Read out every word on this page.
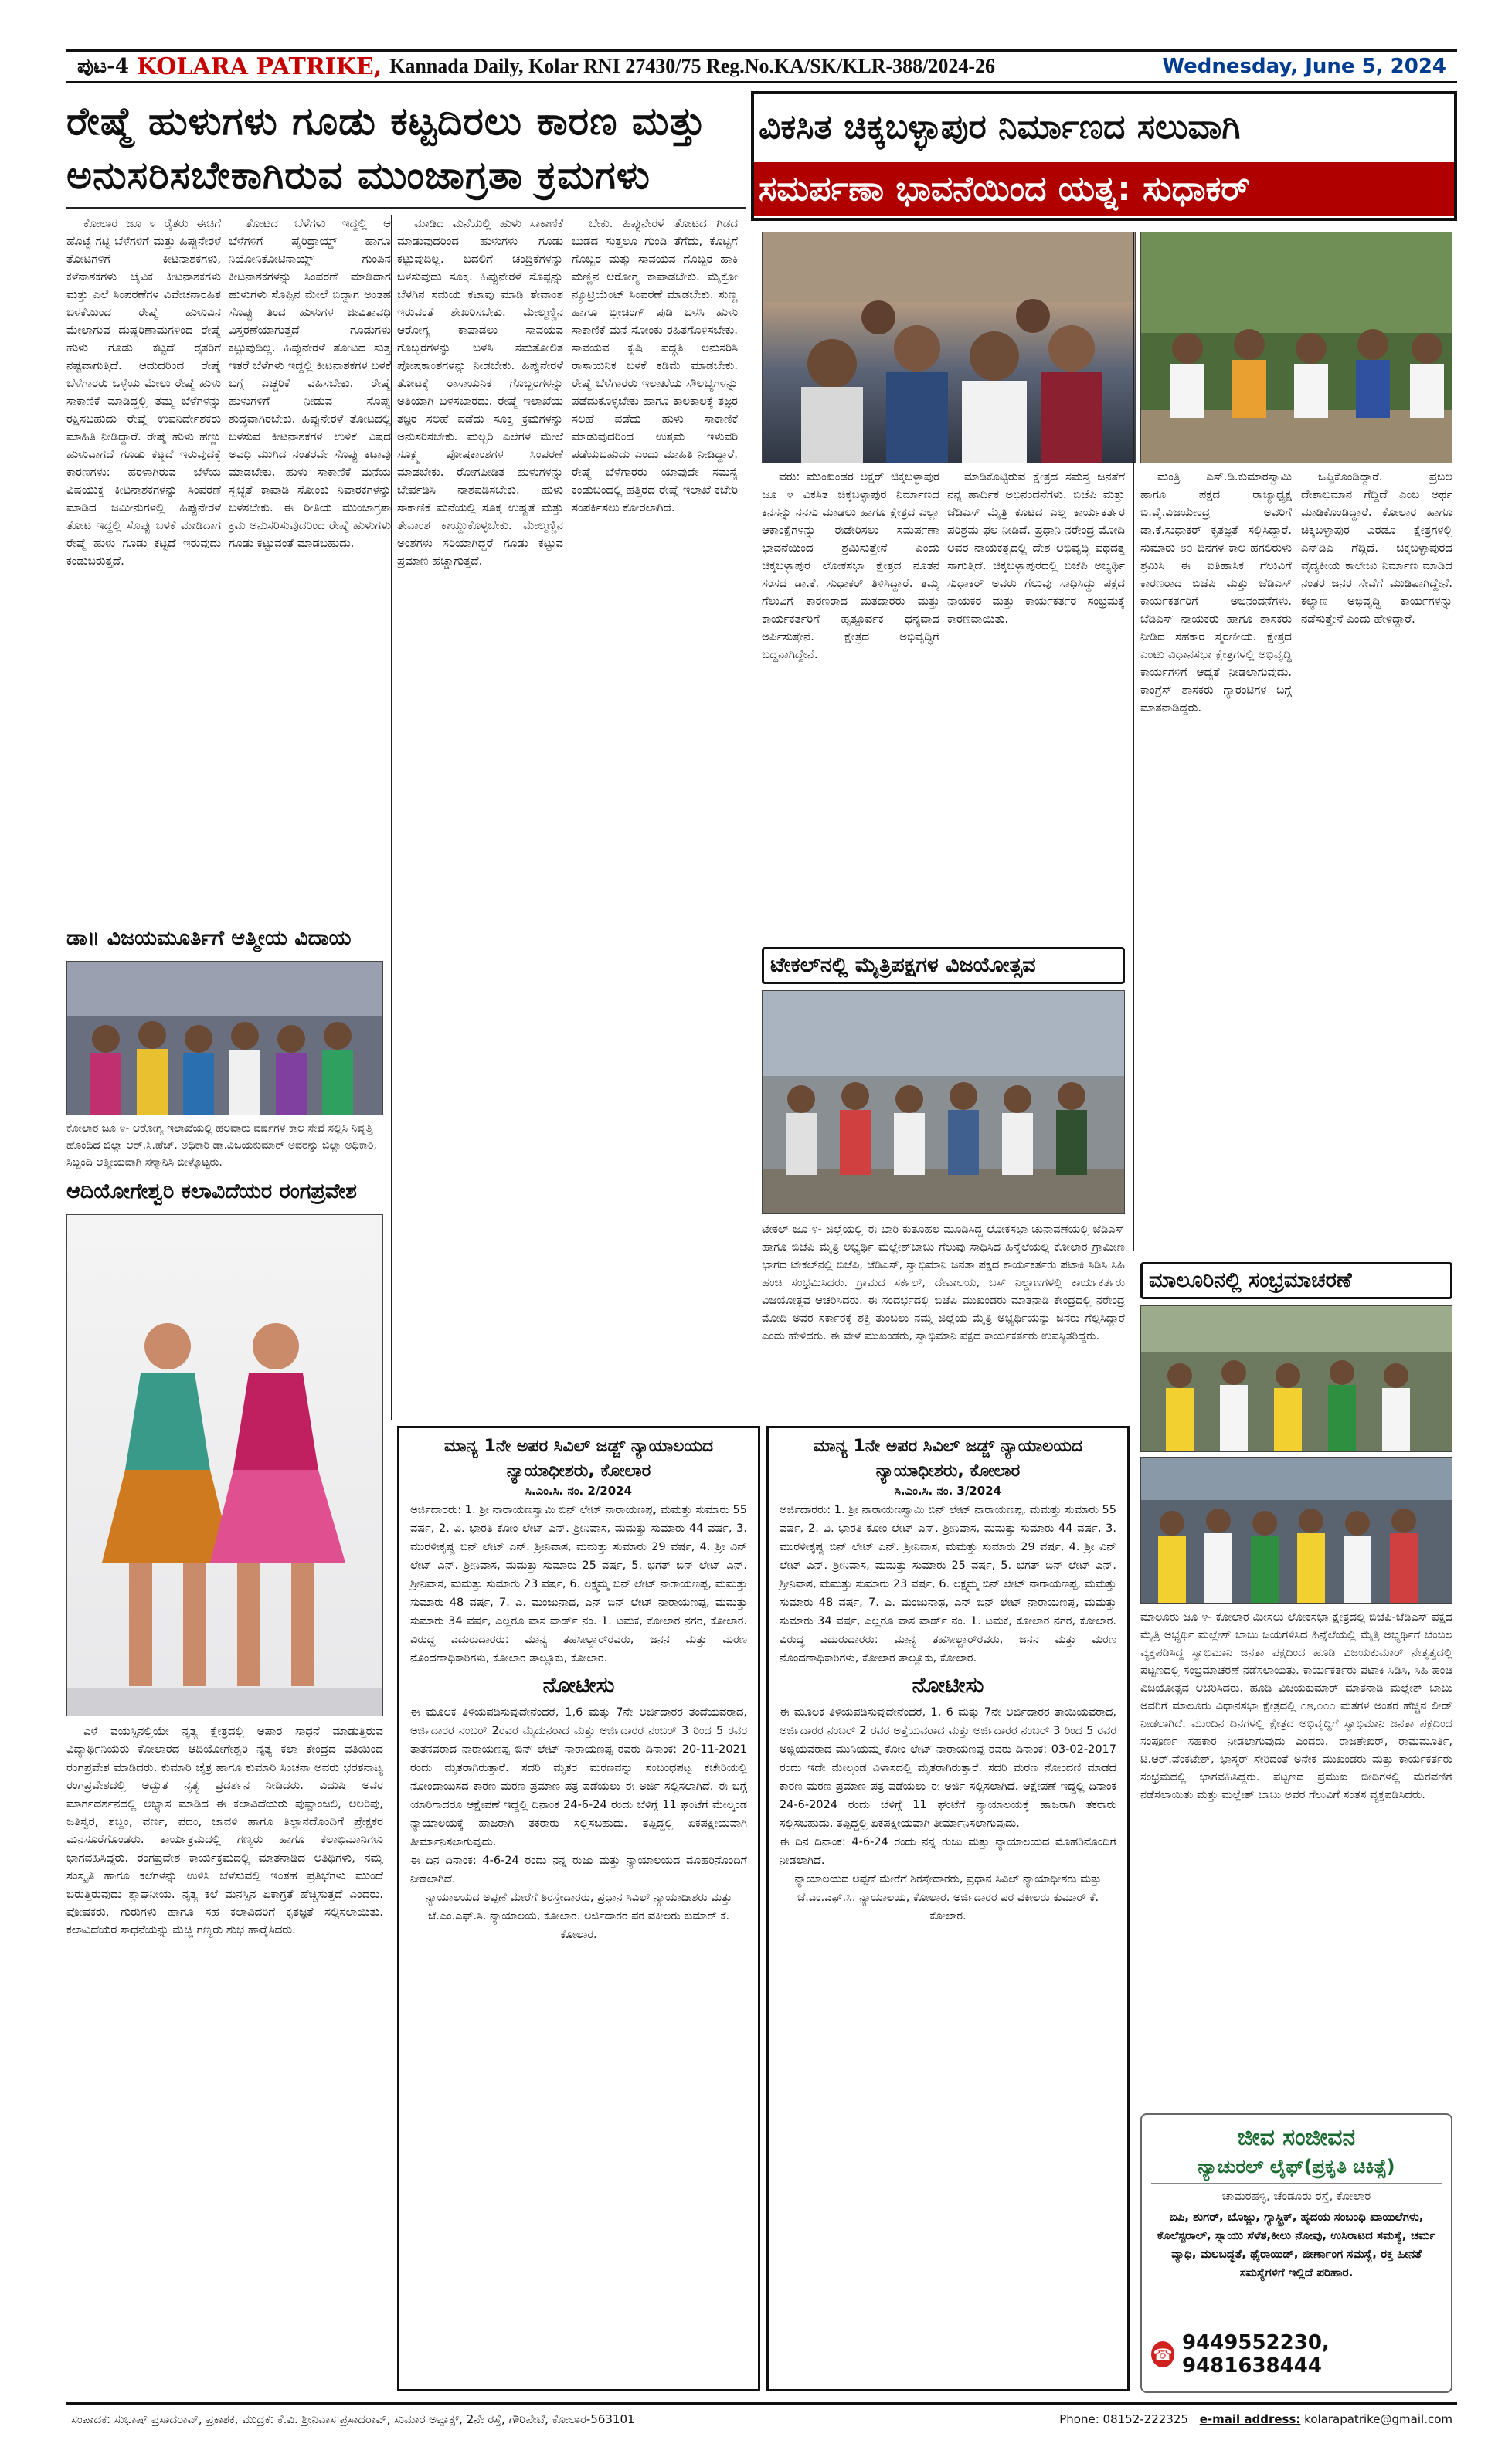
ಪುಟ-4 KOLARA PATRIKE, Kannada Daily, Kolar RNI 27430/75 Reg.No.KA/SK/KLR-388/2024-26	Wednesday, June 5, 2024
ರೇಷ್ಮೆ ಹುಳುಗಳು ಗೂಡು ಕಟ್ಟದಿರಲು ಕಾರಣ ಮತ್ತು ಅನುಸರಿಸಬೇಕಾಗಿರುವ ಮುಂಜಾಗ್ರತಾ ಕ್ರಮಗಳು

ಕೋಲಾರ ಜೂ ೪ ರೈತರು ಈಚಿಗೆ ಹೊಟ್ಟೆ ಗಟ್ಟಿ ಬೆಳೆಗಳಿಗೆ ಮತ್ತು ಹಿಪ್ಪುನೇರಳೆ ತೋಟಗಳಿಗೆ ಕೀಟನಾಶಕಗಳು, ಕಳೆನಾಶಕಗಳು ಜೈವಿಕ ಕೀಟನಾಶಕಗಳು ಮತ್ತು ಎಲೆ ಸಿಂಪರಣೆಗಳ ವಿವೇಚನಾರಹಿತ ಬಳಕೆಯಿಂದ ರೇಷ್ಮೆ ಹುಳುವಿನ ಮೇಲಾಗುವ ದುಷ್ಪರಿಣಾಮಗಳಿಂದ ರೇಷ್ಮೆ ಹುಳು ಗೂಡು ಕಟ್ಟದೆ ರೈತರಿಗೆ ನಷ್ಟವಾಗುತ್ತಿದೆ. ಆದುದರಿಂದ ರೇಷ್ಮೆ ಬೆಳೆಗಾರರು ಒಳ್ಳೆಯ ಮೇಲು ರೇಷ್ಮೆ ಹುಳು ಸಾಕಾಣಿಕೆ ಮಾಡಿದ್ದಲ್ಲಿ ತಮ್ಮ ಬೆಳೆಗಳನ್ನು ರಕ್ಷಿಸಬಹುದು ರೇಷ್ಮೆ ಉಪನಿರ್ದೇಶಕರು ಮಾಹಿತಿ ನೀಡಿದ್ದಾರೆ. ರೇಷ್ಮೆ ಹುಳು ಹಣ್ಣು ಹುಳುವಾಗದೆ ಗೂಡು ಕಟ್ಟದೆ ಇರುವುದಕ್ಕೆ ಕಾರಣಗಳು: ಹರಳಾಗಿರುವ ಬೆಳೆಯ ವಿಷಯುಕ್ತ ಕೀಟನಾಶಕಗಳನ್ನು ಸಿಂಪರಣೆ ಮಾಡಿದ ಜಮೀನುಗಳಲ್ಲಿ ಹಿಪ್ಪುನೇರಳೆ ತೋಟ ಇದ್ದಲ್ಲಿ ಸೊಪ್ಪು ಬಳಕೆ ಮಾಡಿದಾಗ ರೇಷ್ಮೆ ಹುಳು ಗೂಡು ಕಟ್ಟದೆ ಇರುವುದು ಕಂಡುಬರುತ್ತದೆ.

ತೋಟದ ಬೆಳೆಗಳು ಇದ್ದಲ್ಲಿ ಆ ಬೆಳೆಗಳಿಗೆ ಪೈರಿಥ್ರಾಯ್ಡ್ ಹಾಗೂ ನಿಯೋನಿಕೋಟಿನಾಯ್ಡ್ ಗುಂಪಿನ ಕೀಟನಾಶಕಗಳನ್ನು ಸಿಂಪರಣೆ ಮಾಡಿದಾಗ ಹುಳುಗಳು ಸೊಪ್ಪಿನ ಮೇಲೆ ಬಿದ್ದಾಗ ಅಂತಹ ಸೊಪ್ಪು ತಿಂದ ಹುಳುಗಳ ಜೀವಿತಾವಧಿ ವಿಸ್ತರಣೆಯಾಗುತ್ತದೆ ಗೂಡುಗಳು ಕಟ್ಟುವುದಿಲ್ಲ. ಹಿಪ್ಪುನೇರಳೆ ತೋಟದ ಸುತ್ತ ಇತರೆ ಬೆಳೆಗಳು ಇದ್ದಲ್ಲಿ ಕೀಟನಾಶಕಗಳ ಬಳಕೆ ಬಗ್ಗೆ ಎಚ್ಚರಿಕೆ ವಹಿಸಬೇಕು. ರೇಷ್ಮೆ ಹುಳುಗಳಿಗೆ ನೀಡುವ ಸೊಪ್ಪು ಶುದ್ಧವಾಗಿರಬೇಕು. ಹಿಪ್ಪುನೇರಳೆ ತೋಟದಲ್ಲಿ ಬಳಸುವ ಕೀಟನಾಶಕಗಳ ಉಳಿಕೆ ವಿಷದ ಅವಧಿ ಮುಗಿದ ನಂತರವೇ ಸೊಪ್ಪು ಕಟಾವು ಮಾಡಬೇಕು. ಹುಳು ಸಾಕಾಣಿಕೆ ಮನೆಯ ಸ್ವಚ್ಛತೆ ಕಾಪಾಡಿ ಸೋಂಕು ನಿವಾರಕಗಳನ್ನು ಬಳಸಬೇಕು. ಈ ರೀತಿಯ ಮುಂಜಾಗ್ರತಾ ಕ್ರಮ ಅನುಸರಿಸುವುದರಿಂದ ರೇಷ್ಮೆ ಹುಳುಗಳು ಗೂಡು ಕಟ್ಟುವಂತೆ ಮಾಡಬಹುದು.

ಮಾಡಿದ ಮನೆಯಲ್ಲಿ ಹುಳು ಸಾಕಾಣಿಕೆ ಮಾಡುವುದರಿಂದ ಹುಳುಗಳು ಗೂಡು ಕಟ್ಟುವುದಿಲ್ಲ. ಬದಲಿಗೆ ಚಂದ್ರಿಕೆಗಳನ್ನು ಬಳಸುವುದು ಸೂಕ್ತ. ಹಿಪ್ಪುನೇರಳೆ ಸೊಪ್ಪನ್ನು ಬೆಳಗಿನ ಸಮಯ ಕಟಾವು ಮಾಡಿ ತೇವಾಂಶ ಇರುವಂತೆ ಶೇಖರಿಸಬೇಕು. ಮೇಲ್ಮಣ್ಣಿನ ಆರೋಗ್ಯ ಕಾಪಾಡಲು ಸಾವಯವ ಗೊಬ್ಬರಗಳನ್ನು ಬಳಸಿ ಸಮತೋಲಿತ ಪೋಷಕಾಂಶಗಳನ್ನು ನೀಡಬೇಕು. ಹಿಪ್ಪುನೇರಳೆ ತೋಟಕ್ಕೆ ರಾಸಾಯನಿಕ ಗೊಬ್ಬರಗಳನ್ನು ಅತಿಯಾಗಿ ಬಳಸಬಾರದು. ರೇಷ್ಮೆ ಇಲಾಖೆಯ ತಜ್ಞರ ಸಲಹೆ ಪಡೆದು ಸೂಕ್ತ ಕ್ರಮಗಳನ್ನು ಅನುಸರಿಸಬೇಕು. ಮಲ್ಬರಿ ಎಲೆಗಳ ಮೇಲೆ ಸೂಕ್ಷ್ಮ ಪೋಷಕಾಂಶಗಳ ಸಿಂಪರಣೆ ಮಾಡಬೇಕು. ರೋಗಪೀಡಿತ ಹುಳುಗಳನ್ನು ಬೇರ್ಪಡಿಸಿ ನಾಶಪಡಿಸಬೇಕು. ಹುಳು ಸಾಕಾಣಿಕೆ ಮನೆಯಲ್ಲಿ ಸೂಕ್ತ ಉಷ್ಣತೆ ಮತ್ತು ತೇವಾಂಶ ಕಾಯ್ದುಕೊಳ್ಳಬೇಕು. ಮೇಲ್ಮಣ್ಣಿನ ಅಂಶಗಳು ಸರಿಯಾಗಿದ್ದರೆ ಗೂಡು ಕಟ್ಟುವ ಪ್ರಮಾಣ ಹೆಚ್ಚಾಗುತ್ತದೆ.

ಬೇಕು. ಹಿಪ್ಪುನೇರಳೆ ತೋಟದ ಗಿಡದ ಬುಡದ ಸುತ್ತಲೂ ಗುಂಡಿ ತೆಗೆದು, ಕೊಟ್ಟಿಗೆ ಗೊಬ್ಬರ ಮತ್ತು ಸಾವಯವ ಗೊಬ್ಬರ ಹಾಕಿ ಮಣ್ಣಿನ ಆರೋಗ್ಯ ಕಾಪಾಡಬೇಕು. ಮೈಕ್ರೋ ನ್ಯೂಟ್ರಿಯೆಂಟ್ ಸಿಂಪರಣೆ ಮಾಡಬೇಕು. ಸುಣ್ಣ ಹಾಗೂ ಬ್ಲೀಚಿಂಗ್ ಪುಡಿ ಬಳಸಿ ಹುಳು ಸಾಕಾಣಿಕೆ ಮನೆ ಸೋಂಕು ರಹಿತಗೊಳಿಸಬೇಕು. ಸಾವಯವ ಕೃಷಿ ಪದ್ಧತಿ ಅನುಸರಿಸಿ ರಾಸಾಯನಿಕ ಬಳಕೆ ಕಡಿಮೆ ಮಾಡಬೇಕು. ರೇಷ್ಮೆ ಬೆಳೆಗಾರರು ಇಲಾಖೆಯ ಸೌಲಭ್ಯಗಳನ್ನು ಪಡೆದುಕೊಳ್ಳಬೇಕು ಹಾಗೂ ಕಾಲಕಾಲಕ್ಕೆ ತಜ್ಞರ ಸಲಹೆ ಪಡೆದು ಹುಳು ಸಾಕಾಣಿಕೆ ಮಾಡುವುದರಿಂದ ಉತ್ತಮ ಇಳುವರಿ ಪಡೆಯಬಹುದು ಎಂದು ಮಾಹಿತಿ ನೀಡಿದ್ದಾರೆ. ರೇಷ್ಮೆ ಬೆಳೆಗಾರರು ಯಾವುದೇ ಸಮಸ್ಯೆ ಕಂಡುಬಂದಲ್ಲಿ ಹತ್ತಿರದ ರೇಷ್ಮೆ ಇಲಾಖೆ ಕಚೇರಿ ಸಂಪರ್ಕಿಸಲು ಕೋರಲಾಗಿದೆ.

ವಿಕಸಿತ ಚಿಕ್ಕಬಳ್ಳಾಪುರ ನಿರ್ಮಾಣದ ಸಲುವಾಗಿ
ಸಮರ್ಪಣಾ ಭಾವನೆಯಿಂದ ಯತ್ನ: ಸುಧಾಕರ್

ವರು: ಮುಂಖಂಡರ ಅಕ್ಷರ್ ಚಿಕ್ಕಬಳ್ಳಾಪುರ ಜೂ ೪ ವಿಕಸಿತ ಚಿಕ್ಕಬಳ್ಳಾಪುರ ನಿರ್ಮಾಣದ ಕನಸನ್ನು ನನಸು ಮಾಡಲು ಹಾಗೂ ಕ್ಷೇತ್ರದ ಎಲ್ಲಾ ಆಕಾಂಕ್ಷೆಗಳನ್ನು ಈಡೇರಿಸಲು ಸಮರ್ಪಣಾ ಭಾವನೆಯಿಂದ ಶ್ರಮಿಸುತ್ತೇನೆ ಎಂದು ಚಿಕ್ಕಬಳ್ಳಾಪುರ ಲೋಕಸಭಾ ಕ್ಷೇತ್ರದ ನೂತನ ಸಂಸದ ಡಾ.ಕೆ. ಸುಧಾಕರ್ ತಿಳಿಸಿದ್ದಾರೆ. ತಮ್ಮ ಗೆಲುವಿಗೆ ಕಾರಣರಾದ ಮತದಾರರು ಮತ್ತು ಕಾರ್ಯಕರ್ತರಿಗೆ ಹೃತ್ಪೂರ್ವಕ ಧನ್ಯವಾದ ಅರ್ಪಿಸುತ್ತೇನೆ. ಕ್ಷೇತ್ರದ ಅಭಿವೃದ್ಧಿಗೆ ಬದ್ಧನಾಗಿದ್ದೇನೆ.

ಮಾಡಿಕೊಟ್ಟಿರುವ ಕ್ಷೇತ್ರದ ಸಮಸ್ತ ಜನತೆಗೆ ನನ್ನ ಹಾರ್ದಿಕ ಅಭಿನಂದನೆಗಳು. ಬಿಜೆಪಿ ಮತ್ತು ಜೆಡಿಎಸ್ ಮೈತ್ರಿ ಕೂಟದ ಎಲ್ಲ ಕಾರ್ಯಕರ್ತರ ಪರಿಶ್ರಮ ಫಲ ನೀಡಿದೆ. ಪ್ರಧಾನಿ ನರೇಂದ್ರ ಮೋದಿ ಅವರ ನಾಯಕತ್ವದಲ್ಲಿ ದೇಶ ಅಭಿವೃದ್ಧಿ ಪಥದತ್ತ ಸಾಗುತ್ತಿದೆ. ಚಿಕ್ಕಬಳ್ಳಾಪುರದಲ್ಲಿ ಬಿಜೆಪಿ ಅಭ್ಯರ್ಥಿ ಸುಧಾಕರ್ ಅವರು ಗೆಲುವು ಸಾಧಿಸಿದ್ದು ಪಕ್ಷದ ನಾಯಕರ ಮತ್ತು ಕಾರ್ಯಕರ್ತರ ಸಂಭ್ರಮಕ್ಕೆ ಕಾರಣವಾಯಿತು.

ಮಂತ್ರಿ ಎಸ್.ಡಿ.ಕುಮಾರಸ್ವಾಮಿ ಹಾಗೂ ಪಕ್ಷದ ರಾಜ್ಯಾಧ್ಯಕ್ಷ ಬಿ.ವೈ.ವಿಜಯೇಂದ್ರ ಅವರಿಗೆ ಡಾ.ಕೆ.ಸುಧಾಕರ್ ಕೃತಜ್ಞತೆ ಸಲ್ಲಿಸಿದ್ದಾರೆ. ಸುಮಾರು ೮೦ ದಿನಗಳ ಕಾಲ ಹಗಲಿರುಳು ಶ್ರಮಿಸಿ ಈ ಐತಿಹಾಸಿಕ ಗೆಲುವಿಗೆ ಕಾರಣರಾದ ಬಿಜೆಪಿ ಮತ್ತು ಜೆಡಿಎಸ್ ಕಾರ್ಯಕರ್ತರಿಗೆ ಅಭಿನಂದನೆಗಳು. ಜೆಡಿಎಸ್ ನಾಯಕರು ಹಾಗೂ ಶಾಸಕರು ನೀಡಿದ ಸಹಕಾರ ಸ್ಮರಣೀಯ. ಕ್ಷೇತ್ರದ ಎಂಟು ವಿಧಾನಸಭಾ ಕ್ಷೇತ್ರಗಳಲ್ಲಿ ಅಭಿವೃದ್ಧಿ ಕಾರ್ಯಗಳಿಗೆ ಆದ್ಯತೆ ನೀಡಲಾಗುವುದು. ಕಾಂಗ್ರೆಸ್ ಶಾಸಕರು ಗ್ಯಾರಂಟಿಗಳ ಬಗ್ಗೆ ಮಾತನಾಡಿದ್ದರು.

ಒಪ್ಪಿಕೊಂಡಿದ್ದಾರೆ. ಪ್ರಬಲ ದೇಶಾಭಿಮಾನ ಗೆದ್ದಿದೆ ಎಂಬ ಅರ್ಥ ಮಾಡಿಕೊಂಡಿದ್ದಾರೆ. ಕೋಲಾರ ಹಾಗೂ ಚಿಕ್ಕಬಳ್ಳಾಪುರ ಎರಡೂ ಕ್ಷೇತ್ರಗಳಲ್ಲಿ ಎನ್‌ಡಿಎ ಗೆದ್ದಿದೆ. ಚಿಕ್ಕಬಳ್ಳಾಪುರದ ವೈದ್ಯಕೀಯ ಕಾಲೇಜು ನಿರ್ಮಾಣ ಮಾಡಿದ ನಂತರ ಜನರ ಸೇವೆಗೆ ಮುಡಿಪಾಗಿದ್ದೇನೆ. ಕಲ್ಯಾಣ ಅಭಿವೃದ್ಧಿ ಕಾರ್ಯಗಳನ್ನು ನಡೆಸುತ್ತೇನೆ ಎಂದು ಹೇಳಿದ್ದಾರೆ.

ಡಾ॥ ವಿಜಯಮೂರ್ತಿಗೆ ಆತ್ಮೀಯ ವಿದಾಯ
ಕೋಲಾರ ಜೂ ೪- ಆರೋಗ್ಯ ಇಲಾಖೆಯಲ್ಲಿ ಹಲವಾರು ವರ್ಷಗಳ ಕಾಲ ಸೇವೆ ಸಲ್ಲಿಸಿ ನಿವೃತ್ತಿ ಹೊಂದಿದ ಜಿಲ್ಲಾ ಆರ್.ಸಿ.ಹೆಚ್. ಅಧಿಕಾರಿ ಡಾ.ವಿಜಯಕುಮಾರ್ ಅವರನ್ನು ಜಿಲ್ಲಾ ಅಧಿಕಾರಿ, ಸಿಬ್ಬಂದಿ ಆತ್ಮೀಯವಾಗಿ ಸನ್ಮಾನಿಸಿ ಬೀಳ್ಕೊಟ್ಟರು.
ಆದಿಯೋಗೇಶ್ವರಿ ಕಲಾವಿದೆಯರ ರಂಗಪ್ರವೇಶ

ಎಳೆ ವಯಸ್ಸಿನಲ್ಲಿಯೇ ನೃತ್ಯ ಕ್ಷೇತ್ರದಲ್ಲಿ ಅಪಾರ ಸಾಧನೆ ಮಾಡುತ್ತಿರುವ ವಿದ್ಯಾರ್ಥಿನಿಯರು ಕೋಲಾರದ ಆದಿಯೋಗೇಶ್ವರಿ ನೃತ್ಯ ಕಲಾ ಕೇಂದ್ರದ ವತಿಯಿಂದ ರಂಗಪ್ರವೇಶ ಮಾಡಿದರು. ಕುಮಾರಿ ಚೈತ್ರ ಹಾಗೂ ಕುಮಾರಿ ಸಿಂಚನಾ ಅವರು ಭರತನಾಟ್ಯ ರಂಗಪ್ರವೇಶದಲ್ಲಿ ಅದ್ಭುತ ನೃತ್ಯ ಪ್ರದರ್ಶನ ನೀಡಿದರು. ವಿದುಷಿ ಅವರ ಮಾರ್ಗದರ್ಶನದಲ್ಲಿ ಅಭ್ಯಾಸ ಮಾಡಿದ ಈ ಕಲಾವಿದೆಯರು ಪುಷ್ಪಾಂಜಲಿ, ಅಲರಿಪು, ಜತಿಸ್ವರ, ಶಬ್ದಂ, ವರ್ಣ, ಪದಂ, ಜಾವಳಿ ಹಾಗೂ ತಿಲ್ಲಾನದೊಂದಿಗೆ ಪ್ರೇಕ್ಷಕರ ಮನಸೂರೆಗೊಂಡರು. ಕಾರ್ಯಕ್ರಮದಲ್ಲಿ ಗಣ್ಯರು ಹಾಗೂ ಕಲಾಭಿಮಾನಿಗಳು ಭಾಗವಹಿಸಿದ್ದರು. ರಂಗಪ್ರವೇಶ ಕಾರ್ಯಕ್ರಮದಲ್ಲಿ ಮಾತನಾಡಿದ ಅತಿಥಿಗಳು, ನಮ್ಮ ಸಂಸ್ಕೃತಿ ಹಾಗೂ ಕಲೆಗಳನ್ನು ಉಳಿಸಿ ಬೆಳೆಸುವಲ್ಲಿ ಇಂತಹ ಪ್ರತಿಭೆಗಳು ಮುಂದೆ ಬರುತ್ತಿರುವುದು ಶ್ಲಾಘನೀಯ. ನೃತ್ಯ ಕಲೆ ಮನಸ್ಸಿನ ಏಕಾಗ್ರತೆ ಹೆಚ್ಚಿಸುತ್ತದೆ ಎಂದರು. ಪೋಷಕರು, ಗುರುಗಳು ಹಾಗೂ ಸಹ ಕಲಾವಿದರಿಗೆ ಕೃತಜ್ಞತೆ ಸಲ್ಲಿಸಲಾಯಿತು. ಕಲಾವಿದೆಯರ ಸಾಧನೆಯನ್ನು ಮೆಚ್ಚಿ ಗಣ್ಯರು ಶುಭ ಹಾರೈಸಿದರು.

ಮಾನ್ಯ 1ನೇ ಅಪರ ಸಿವಿಲ್ ಜಡ್ಜ್ ನ್ಯಾಯಾಲಯದ ನ್ಯಾಯಾಧೀಶರು, ಕೋಲಾರ
ಸಿ.ಎಂ.ಸಿ. ನಂ. 2/2024
ಅರ್ಜಿದಾರರು: 1. ಶ್ರೀ ನಾರಾಯಣಸ್ವಾಮಿ ಬಿನ್ ಲೇಟ್ ನಾರಾಯಣಪ್ಪ, ಮಮತ್ತು ಸುಮಾರು 55 ವರ್ಷ, 2. ವಿ. ಭಾರತಿ ಕೋಂ ಲೇಟ್ ಎನ್. ಶ್ರೀನಿವಾಸ, ಮಮತ್ತು ಸುಮಾರು 44 ವರ್ಷ, 3. ಮುರಳೀಕೃಷ್ಣ ಬಿನ್ ಲೇಟ್ ಎನ್. ಶ್ರೀನಿವಾಸ, ಮಮತ್ತು ಸುಮಾರು 29 ವರ್ಷ, 4. ಶ್ರೀ ವಿನ್ ಲೇಟ್ ಎನ್. ಶ್ರೀನಿವಾಸ, ಮಮತ್ತು ಸುಮಾರು 25 ವರ್ಷ, 5. ಭಗತ್ ಬಿನ್ ಲೇಟ್ ಎನ್. ಶ್ರೀನಿವಾಸ, ಮಮತ್ತು ಸುಮಾರು 23 ವರ್ಷ, 6. ಲಕ್ಷ್ಮಮ್ಮ ಬಿನ್ ಲೇಟ್ ನಾರಾಯಣಪ್ಪ, ಮಮತ್ತು ಸುಮಾರು 48 ವರ್ಷ, 7. ಎ. ಮಂಜುನಾಥ, ಎನ್ ಬಿನ್ ಲೇಟ್ ನಾರಾಯಣಪ್ಪ, ಮಮತ್ತು ಸುಮಾರು 34 ವರ್ಷ, ಎಲ್ಲರೂ ವಾಸ ವಾರ್ಡ್ ನಂ. 1. ಟಮಕ, ಕೋಲಾರ ನಗರ, ಕೋಲಾರ. ವಿರುದ್ಧ ಎದುರುದಾರರು: ಮಾನ್ಯ ತಹಸೀಲ್ದಾರ್‌ರವರು, ಜನನ ಮತ್ತು ಮರಣ ನೊಂದಣಾಧಿಕಾರಿಗಳು, ಕೋಲಾರ ತಾಲ್ಲೂಕು, ಕೋಲಾರ.
ನೋಟೀಸು
ಈ ಮೂಲಕ ತಿಳಿಯಪಡಿಸುವುದೇನೆಂದರೆ, 1,6 ಮತ್ತು 7ನೇ ಅರ್ಜಿದಾರರ ತಂದೆಯವರಾದ, ಅರ್ಜಿದಾರರ ನಂಬರ್ 2ರವರ ಮೈದುನರಾದ ಮತ್ತು ಅರ್ಜಿದಾರರ ನಂಬರ್ 3 ರಿಂದ 5 ರವರ ತಾತನವರಾದ ನಾರಾಯಣಪ್ಪ ಬಿನ್ ಲೇಟ್ ನಾರಾಯಣಪ್ಪ ರವರು ದಿನಾಂಕ: 20-11-2021 ರಂದು ಮೃತರಾಗಿರುತ್ತಾರೆ. ಸದರಿ ಮೃತರ ಮರಣವನ್ನು ಸಂಬಂಧಪಟ್ಟ ಕಚೇರಿಯಲ್ಲಿ ನೋಂದಾಯಿಸದ ಕಾರಣ ಮರಣ ಪ್ರಮಾಣ ಪತ್ರ ಪಡೆಯಲು ಈ ಅರ್ಜಿ ಸಲ್ಲಿಸಲಾಗಿದೆ. ಈ ಬಗ್ಗೆ ಯಾರಿಗಾದರೂ ಆಕ್ಷೇಪಣೆ ಇದ್ದಲ್ಲಿ ದಿನಾಂಕ 24-6-24 ರಂದು ಬೆಳಿಗ್ಗೆ 11 ಘಂಟೆಗೆ ಮೇಲ್ಕಂಡ ನ್ಯಾಯಾಲಯಕ್ಕೆ ಹಾಜರಾಗಿ ತಕರಾರು ಸಲ್ಲಿಸಬಹುದು. ತಪ್ಪಿದ್ದಲ್ಲಿ ಏಕಪಕ್ಷೀಯವಾಗಿ ತೀರ್ಮಾನಿಸಲಾಗುವುದು.
ಈ ದಿನ ದಿನಾಂಕ: 4-6-24 ರಂದು ನನ್ನ ರುಜು ಮತ್ತು ನ್ಯಾಯಾಲಯದ ಮೊಹರಿನೊಂದಿಗೆ ನೀಡಲಾಗಿದೆ.
ನ್ಯಾಯಾಲಯದ ಅಪ್ಪಣೆ ಮೇರೆಗೆ ಶಿರಸ್ತೇದಾರರು, ಪ್ರಧಾನ ಸಿವಿಲ್ ನ್ಯಾಯಾಧೀಶರು ಮತ್ತು ಜೆ.ಎಂ.ಎಫ್.ಸಿ. ನ್ಯಾಯಾಲಯ, ಕೋಲಾರ. ಅರ್ಜಿದಾರರ ಪರ ವಕೀಲರು ಕುಮಾರ್ ಕೆ. ಕೋಲಾರ.
ಮಾನ್ಯ 1ನೇ ಅಪರ ಸಿವಿಲ್ ಜಡ್ಜ್ ನ್ಯಾಯಾಲಯದ ನ್ಯಾಯಾಧೀಶರು, ಕೋಲಾರ
ಸಿ.ಎಂ.ಸಿ. ನಂ. 3/2024
ಅರ್ಜಿದಾರರು: 1. ಶ್ರೀ ನಾರಾಯಣಸ್ವಾಮಿ ಬಿನ್ ಲೇಟ್ ನಾರಾಯಣಪ್ಪ, ಮಮತ್ತು ಸುಮಾರು 55 ವರ್ಷ, 2. ವಿ. ಭಾರತಿ ಕೋಂ ಲೇಟ್ ಎನ್. ಶ್ರೀನಿವಾಸ, ಮಮತ್ತು ಸುಮಾರು 44 ವರ್ಷ, 3. ಮುರಳೀಕೃಷ್ಣ ಬಿನ್ ಲೇಟ್ ಎನ್. ಶ್ರೀನಿವಾಸ, ಮಮತ್ತು ಸುಮಾರು 29 ವರ್ಷ, 4. ಶ್ರೀ ವಿನ್ ಲೇಟ್ ಎನ್. ಶ್ರೀನಿವಾಸ, ಮಮತ್ತು ಸುಮಾರು 25 ವರ್ಷ, 5. ಭಗತ್ ಬಿನ್ ಲೇಟ್ ಎನ್. ಶ್ರೀನಿವಾಸ, ಮಮತ್ತು ಸುಮಾರು 23 ವರ್ಷ, 6. ಲಕ್ಷ್ಮಮ್ಮ ಬಿನ್ ಲೇಟ್ ನಾರಾಯಣಪ್ಪ, ಮಮತ್ತು ಸುಮಾರು 48 ವರ್ಷ, 7. ಎ. ಮಂಜುನಾಥ, ಎನ್ ಬಿನ್ ಲೇಟ್ ನಾರಾಯಣಪ್ಪ, ಮಮತ್ತು ಸುಮಾರು 34 ವರ್ಷ, ಎಲ್ಲರೂ ವಾಸ ವಾರ್ಡ್ ನಂ. 1. ಟಮಕ, ಕೋಲಾರ ನಗರ, ಕೋಲಾರ. ವಿರುದ್ಧ ಎದುರುದಾರರು: ಮಾನ್ಯ ತಹಸೀಲ್ದಾರ್‌ರವರು, ಜನನ ಮತ್ತು ಮರಣ ನೊಂದಣಾಧಿಕಾರಿಗಳು, ಕೋಲಾರ ತಾಲ್ಲೂಕು, ಕೋಲಾರ.
ನೋಟೀಸು
ಈ ಮೂಲಕ ತಿಳಿಯಪಡಿಸುವುದೇನೆಂದರೆ, 1, 6 ಮತ್ತು 7ನೇ ಅರ್ಜಿದಾರರ ತಾಯಿಯವರಾದ, ಅರ್ಜಿದಾರರ ನಂಬರ್ 2 ರವರ ಅತ್ತೆಯವರಾದ ಮತ್ತು ಅರ್ಜಿದಾರರ ನಂಬರ್ 3 ರಿಂದ 5 ರವರ ಅಜ್ಜಿಯವರಾದ ಮುನಿಯಮ್ಮ ಕೋಂ ಲೇಟ್ ನಾರಾಯಣಪ್ಪ ರವರು ದಿನಾಂಕ: 03-02-2017 ರಂದು ಇದೇ ಮೇಲ್ಕಂಡ ವಿಳಾಸದಲ್ಲಿ ಮೃತರಾಗಿರುತ್ತಾರೆ. ಸದರಿ ಮರಣ ನೋಂದಣಿ ಮಾಡದ ಕಾರಣ ಮರಣ ಪ್ರಮಾಣ ಪತ್ರ ಪಡೆಯಲು ಈ ಅರ್ಜಿ ಸಲ್ಲಿಸಲಾಗಿದೆ. ಆಕ್ಷೇಪಣೆ ಇದ್ದಲ್ಲಿ ದಿನಾಂಕ 24-6-2024 ರಂದು ಬೆಳಿಗ್ಗೆ 11 ಘಂಟೆಗೆ ನ್ಯಾಯಾಲಯಕ್ಕೆ ಹಾಜರಾಗಿ ತಕರಾರು ಸಲ್ಲಿಸಬಹುದು. ತಪ್ಪಿದ್ದಲ್ಲಿ ಏಕಪಕ್ಷೀಯವಾಗಿ ತೀರ್ಮಾನಿಸಲಾಗುವುದು.
ಈ ದಿನ ದಿನಾಂಕ: 4-6-24 ರಂದು ನನ್ನ ರುಜು ಮತ್ತು ನ್ಯಾಯಾಲಯದ ಮೊಹರಿನೊಂದಿಗೆ ನೀಡಲಾಗಿದೆ.
ನ್ಯಾಯಾಲಯದ ಅಪ್ಪಣೆ ಮೇರೆಗೆ ಶಿರಸ್ತೇದಾರರು, ಪ್ರಧಾನ ಸಿವಿಲ್ ನ್ಯಾಯಾಧೀಶರು ಮತ್ತು ಜೆ.ಎಂ.ಎಫ್.ಸಿ. ನ್ಯಾಯಾಲಯ, ಕೋಲಾರ. ಅರ್ಜಿದಾರರ ಪರ ವಕೀಲರು ಕುಮಾರ್ ಕೆ. ಕೋಲಾರ.
ಟೇಕಲ್‌ನಲ್ಲಿ ಮೈತ್ರಿಪಕ್ಷಗಳ ವಿಜಯೋತ್ಸವ
ಟೇಕಲ್ ಜೂ ೪- ಜಿಲ್ಲೆಯಲ್ಲಿ ಈ ಬಾರಿ ಕುತೂಹಲ ಮೂಡಿಸಿದ್ದ ಲೋಕಸಭಾ ಚುನಾವಣೆಯಲ್ಲಿ ಜೆಡಿಎಸ್ ಹಾಗೂ ಬಿಜೆಪಿ ಮೈತ್ರಿ ಅಭ್ಯರ್ಥಿ ಮಲ್ಲೇಶ್‌ಬಾಬು ಗೆಲುವು ಸಾಧಿಸಿದ ಹಿನ್ನೆಲೆಯಲ್ಲಿ ಕೋಲಾರ ಗ್ರಾಮೀಣ ಭಾಗದ ಟೇಕಲ್‌ನಲ್ಲಿ ಬಿಜೆಪಿ, ಜೆಡಿಎಸ್, ಸ್ವಾಭಿಮಾನಿ ಜನತಾ ಪಕ್ಷದ ಕಾರ್ಯಕರ್ತರು ಪಟಾಕಿ ಸಿಡಿಸಿ ಸಿಹಿ ಹಂಚಿ ಸಂಭ್ರಮಿಸಿದರು. ಗ್ರಾಮದ ಸರ್ಕಲ್, ದೇವಾಲಯ, ಬಸ್ ನಿಲ್ದಾಣಗಳಲ್ಲಿ ಕಾರ್ಯಕರ್ತರು ವಿಜಯೋತ್ಸವ ಆಚರಿಸಿದರು. ಈ ಸಂದರ್ಭದಲ್ಲಿ ಬಿಜೆಪಿ ಮುಖಂಡರು ಮಾತನಾಡಿ ಕೇಂದ್ರದಲ್ಲಿ ನರೇಂದ್ರ ಮೋದಿ ಅವರ ಸರ್ಕಾರಕ್ಕೆ ಶಕ್ತಿ ತುಂಬಲು ನಮ್ಮ ಜಿಲ್ಲೆಯ ಮೈತ್ರಿ ಅಭ್ಯರ್ಥಿಯನ್ನು ಜನರು ಗೆಲ್ಲಿಸಿದ್ದಾರೆ ಎಂದು ಹೇಳಿದರು. ಈ ವೇಳೆ ಮುಖಂಡರು, ಸ್ವಾಭಿಮಾನಿ ಪಕ್ಷದ ಕಾರ್ಯಕರ್ತರು ಉಪಸ್ಥಿತರಿದ್ದರು.
ಮಾಲೂರಿನಲ್ಲಿ ಸಂಭ್ರಮಾಚರಣೆ
ಮಾಲೂರು ಜೂ ೪- ಕೋಲಾರ ಮೀಸಲು ಲೋಕಸಭಾ ಕ್ಷೇತ್ರದಲ್ಲಿ ಬಿಜೆಪಿ-ಜೆಡಿಎಸ್ ಪಕ್ಷದ ಮೈತ್ರಿ ಅಭ್ಯರ್ಥಿ ಮಲ್ಲೇಶ್ ಬಾಬು ಜಯಗಳಿಸಿದ ಹಿನ್ನೆಲೆಯಲ್ಲಿ ಮೈತ್ರಿ ಅಭ್ಯರ್ಥಿಗೆ ಬೆಂಬಲ ವ್ಯಕ್ತಪಡಿಸಿದ್ದ ಸ್ವಾಭಿಮಾನಿ ಜನತಾ ಪಕ್ಷದಿಂದ ಹೂಡಿ ವಿಜಯಕುಮಾರ್ ನೇತೃತ್ವದಲ್ಲಿ ಪಟ್ಟಣದಲ್ಲಿ ಸಂಭ್ರಮಾಚರಣೆ ನಡೆಸಲಾಯಿತು. ಕಾರ್ಯಕರ್ತರು ಪಟಾಕಿ ಸಿಡಿಸಿ, ಸಿಹಿ ಹಂಚಿ ವಿಜಯೋತ್ಸವ ಆಚರಿಸಿದರು. ಹೂಡಿ ವಿಜಯಕುಮಾರ್ ಮಾತನಾಡಿ ಮಲ್ಲೇಶ್ ಬಾಬು ಅವರಿಗೆ ಮಾಲೂರು ವಿಧಾನಸಭಾ ಕ್ಷೇತ್ರದಲ್ಲಿ ೧೫,೦೦೦ ಮತಗಳ ಅಂತರ ಹೆಚ್ಚಿನ ಲೀಡ್ ನೀಡಲಾಗಿದೆ. ಮುಂದಿನ ದಿನಗಳಲ್ಲಿ ಕ್ಷೇತ್ರದ ಅಭಿವೃದ್ಧಿಗೆ ಸ್ವಾಭಿಮಾನಿ ಜನತಾ ಪಕ್ಷದಿಂದ ಸಂಪೂರ್ಣ ಸಹಕಾರ ನೀಡಲಾಗುವುದು ಎಂದರು. ರಾಜಶೇಖರ್, ರಾಮಮೂರ್ತಿ, ಟಿ.ಆರ್.ವೆಂಕಟೇಶ್, ಭಾಸ್ಕರ್ ಸೇರಿದಂತೆ ಅನೇಕ ಮುಖಂಡರು ಮತ್ತು ಕಾರ್ಯಕರ್ತರು ಸಂಭ್ರಮದಲ್ಲಿ ಭಾಗವಹಿಸಿದ್ದರು. ಪಟ್ಟಣದ ಪ್ರಮುಖ ಬೀದಿಗಳಲ್ಲಿ ಮೆರವಣಿಗೆ ನಡೆಸಲಾಯಿತು ಮತ್ತು ಮಲ್ಲೇಶ್ ಬಾಬು ಅವರ ಗೆಲುವಿಗೆ ಸಂತಸ ವ್ಯಕ್ತಪಡಿಸಿದರು.
ಜೀವ ಸಂಜೀವನ
ನ್ಯಾಚುರಲ್ ಲೈಫ್(ಪ್ರಕೃತಿ ಚಿಕಿತ್ಸೆ)
ಚಾಮರಹಳ್ಳಿ, ಚೆಂಡೂರು ರಸ್ತೆ, ಕೋಲಾರ
ಬಿಪಿ, ಶುಗರ್, ಬೊಜ್ಜು, ಗ್ಯಾಸ್ಟ್ರಿಕ್, ಹೃದಯ ಸಂಬಂಧಿ ಖಾಯಿಲೆಗಳು, ಕೊಲೆಸ್ಟರಾಲ್, ಸ್ನಾಯು ಸೆಳೆತ,ಕೀಲು ನೋವು, ಉಸಿರಾಟದ ಸಮಸ್ಯೆ, ಚರ್ಮ ವ್ಯಾಧಿ, ಮಲಬದ್ಧತೆ, ಥೈರಾಯಿಡ್, ಜೀರ್ಣಾಂಗ ಸಮಸ್ಯೆ, ರಕ್ತ ಹೀನತೆ ಸಮಸ್ಯೆಗಳಿಗೆ ಇಲ್ಲಿದೆ ಪರಿಹಾರ.
☎ 9449552230, 9481638444
ಸಂಪಾದಕ: ಸುಭಾಷ್ ಪ್ರಸಾದರಾವ್, ಪ್ರಕಾಶಕ, ಮುದ್ರಕ: ಕೆ.ವಿ. ಶ್ರೀನಿವಾಸ ಪ್ರಸಾದರಾವ್, ಸುಮಾರ ಅಪ್ಪಾಕ್ಸ್, 2ನೇ ರಸ್ತೆ, ಗೌರಿಪೇಟೆ, ಕೋಲಾರ-563101	Phone: 08152-222325 e-mail address: kolarapatrike@gmail.com
